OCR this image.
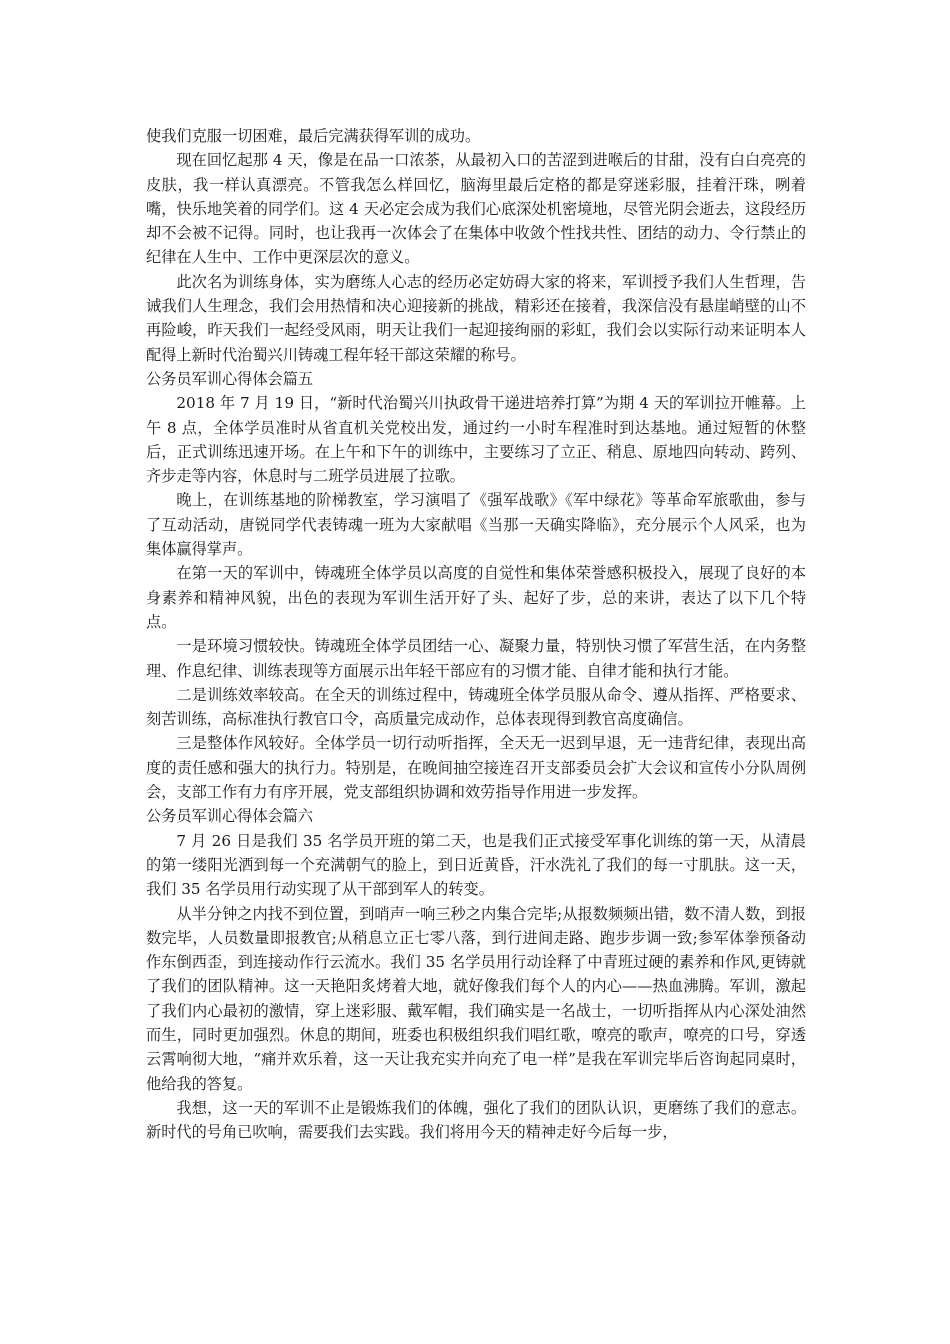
使我们克服一切困难，最后完满获得军训的成功。

现在回忆起那 4 天，像是在品一口浓茶，从最初入口的苦涩到进喉后的甘甜，没有白白亮亮的皮肤，我一样认真漂亮。不管我怎么样回忆，脑海里最后定格的都是穿迷彩服，挂着汗珠，咧着嘴，快乐地笑着的同学们。这 4 天必定会成为我们心底深处机密境地，尽管光阴会逝去，这段经历却不会被不记得。同时，也让我再一次体会了在集体中收敛个性找共性、团结的动力、令行禁止的纪律在人生中、工作中更深层次的意义。

此次名为训练身体，实为磨练人心志的经历必定妨碍大家的将来，军训授予我们人生哲理，告诫我们人生理念，我们会用热情和决心迎接新的挑战，精彩还在接着，我深信没有悬崖峭壁的山不再险峻，昨天我们一起经受风雨，明天让我们一起迎接绚丽的彩虹，我们会以实际行动来证明本人配得上新时代治蜀兴川铸魂工程年轻干部这荣耀的称号。

公务员军训心得体会篇五

2018 年 7 月 19 日，“新时代治蜀兴川执政骨干递进培养打算”为期 4 天的军训拉开帷幕。上午 8 点，全体学员准时从省直机关党校出发，通过约一小时车程准时到达基地。通过短暂的休整后，正式训练迅速开场。在上午和下午的训练中，主要练习了立正、稍息、原地四向转动、跨列、齐步走等内容，休息时与二班学员进展了拉歌。

晚上，在训练基地的阶梯教室，学习演唱了《强军战歌》《军中绿花》等革命军旅歌曲，参与了互动活动，唐锐同学代表铸魂一班为大家献唱《当那一天确实降临》，充分展示个人风采，也为集体赢得掌声。

在第一天的军训中，铸魂班全体学员以高度的自觉性和集体荣誉感积极投入，展现了良好的本身素养和精神风貌，出色的表现为军训生活开好了头、起好了步，总的来讲，表达了以下几个特点。

一是环境习惯较快。铸魂班全体学员团结一心、凝聚力量，特别快习惯了军营生活，在内务整理、作息纪律、训练表现等方面展示出年轻干部应有的习惯才能、自律才能和执行才能。

二是训练效率较高。在全天的训练过程中，铸魂班全体学员服从命令、遵从指挥、严格要求、刻苦训练，高标准执行教官口令，高质量完成动作，总体表现得到教官高度确信。

三是整体作风较好。全体学员一切行动听指挥，全天无一迟到早退，无一违背纪律，表现出高度的责任感和强大的执行力。特别是，在晚间抽空接连召开支部委员会扩大会议和宣传小分队周例会，支部工作有力有序开展，党支部组织协调和效劳指导作用进一步发挥。

公务员军训心得体会篇六

7 月 26 日是我们 35 名学员开班的第二天，也是我们正式接受军事化训练的第一天，从清晨的第一缕阳光洒到每一个充满朝气的脸上，到日近黄昏，汗水洗礼了我们的每一寸肌肤。这一天，我们 35 名学员用行动实现了从干部到军人的转变。

从半分钟之内找不到位置，到哨声一响三秒之内集合完毕;从报数频频出错，数不清人数，到报数完毕，人员数量即报教官;从稍息立正七零八落，到行进间走路、跑步步调一致;参军体拳预备动作东倒西歪，到连接动作行云流水。我们 35 名学员用行动诠释了中青班过硬的素养和作风,更铸就了我们的团队精神。这一天艳阳炙烤着大地，就好像我们每个人的内心——热血沸腾。军训，激起了我们内心最初的激情，穿上迷彩服、戴军帽，我们确实是一名战士，一切听指挥从内心深处油然而生，同时更加强烈。休息的期间，班委也积极组织我们唱红歌，嘹亮的歌声，嘹亮的口号，穿透云霄响彻大地，“痛并欢乐着，这一天让我充实并向充了电一样”是我在军训完毕后咨询起同桌时，他给我的答复。

我想，这一天的军训不止是锻炼我们的体魄，强化了我们的团队认识，更磨练了我们的意志。新时代的号角已吹响，需要我们去实践。我们将用今天的精神走好今后每一步，
